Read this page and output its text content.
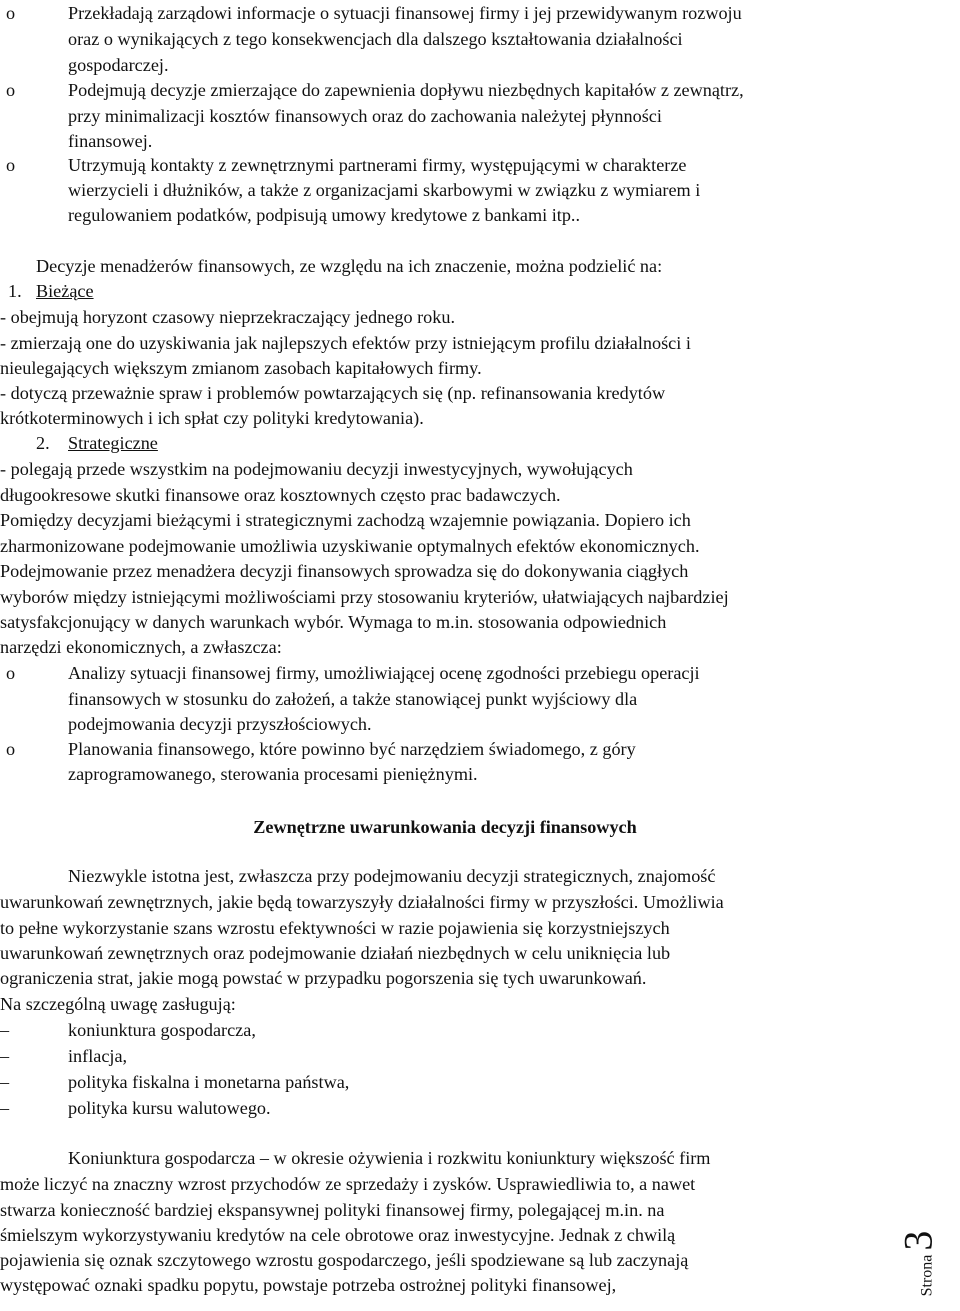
o	Przekładają zarządowi informacje o sytuacji finansowej firmy i jej przewidywanym rozwoju
oraz o wynikających z tego konsekwencjach dla dalszego kształtowania działalności
gospodarczej.
o	Podejmują decyzje zmierzające do zapewnienia dopływu niezbędnych kapitałów z zewnątrz,
przy minimalizacji kosztów finansowych oraz do zachowania należytej płynności
finansowej.
o	Utrzymują kontakty z zewnętrznymi partnerami firmy, występującymi w charakterze
wierzycieli i dłużników, a także z organizacjami skarbowymi w związku z wymiarem i
regulowaniem podatków, podpisują umowy kredytowe z bankami itp..
Decyzje menadżerów finansowych, ze względu na ich znaczenie, można podzielić na:
1. Bieżące
- obejmują horyzont czasowy nieprzekraczający jednego roku.
- zmierzają one do uzyskiwania jak najlepszych efektów przy istniejącym profilu działalności i
nieulegających większym zmianom zasobach kapitałowych firmy.
- dotyczą przeważnie spraw i problemów powtarzających się (np. refinansowania kredytów
krótkoterminowych i ich spłat czy polityki kredytowania).
2. Strategiczne
- polegają przede wszystkim na podejmowaniu decyzji inwestycyjnych, wywołujących
długookresowe skutki finansowe oraz kosztownych często prac badawczych.
Pomiędzy decyzjami bieżącymi i strategicznymi zachodzą wzajemnie powiązania. Dopiero ich
zharmonizowane podejmowanie umożliwia uzyskiwanie optymalnych efektów ekonomicznych.
Podejmowanie przez menadżera decyzji finansowych sprowadza się do dokonywania ciągłych
wyborów między istniejącymi możliwościami przy stosowaniu kryteriów, ułatwiających najbardziej
satysfakcjonujący w danych warunkach wybór. Wymaga to m.in. stosowania odpowiednich
narzędzi ekonomicznych, a zwłaszcza:
o	Analizy sytuacji finansowej firmy, umożliwiającej ocenę zgodności przebiegu operacji
finansowych w stosunku do założeń, a także stanowiącej punkt wyjściowy dla
podejmowania decyzji przyszłościowych.
o	Planowania finansowego, które powinno być narzędziem świadomego, z góry
zaprogramowanego, sterowania procesami pieniężnymi.
Zewnętrzne uwarunkowania decyzji finansowych
Niezwykle istotna jest, zwłaszcza przy podejmowaniu decyzji strategicznych, znajomość
uwarunkowań zewnętrznych, jakie będą towarzyszyły działalności firmy w przyszłości. Umożliwia
to pełne wykorzystanie szans wzrostu efektywności w razie pojawienia się korzystniejszych
uwarunkowań zewnętrznych oraz podejmowanie działań niezbędnych w celu uniknięcia lub
ograniczenia strat, jakie mogą powstać w przypadku pogorszenia się tych uwarunkowań.
Na szczególną uwagę zasługują:
–	koniunktura gospodarcza,
–	inflacja,
–	polityka fiskalna i monetarna państwa,
–	polityka kursu walutowego.
Koniunktura gospodarcza – w okresie ożywienia i rozkwitu koniunktury większość firm
może liczyć na znaczny wzrost przychodów ze sprzedaży i zysków. Usprawiedliwia to, a nawet
stwarza konieczność bardziej ekspansywnej polityki finansowej firmy, polegającej m.in. na
śmielszym wykorzystywaniu kredytów na cele obrotowe oraz inwestycyjne. Jednak z chwilą
pojawienia się oznak szczytowego wzrostu gospodarczego, jeśli spodziewane są lub zaczynają
występować oznaki spadku popytu, powstaje potrzeba ostrożnej polityki finansowej,	Strona3
